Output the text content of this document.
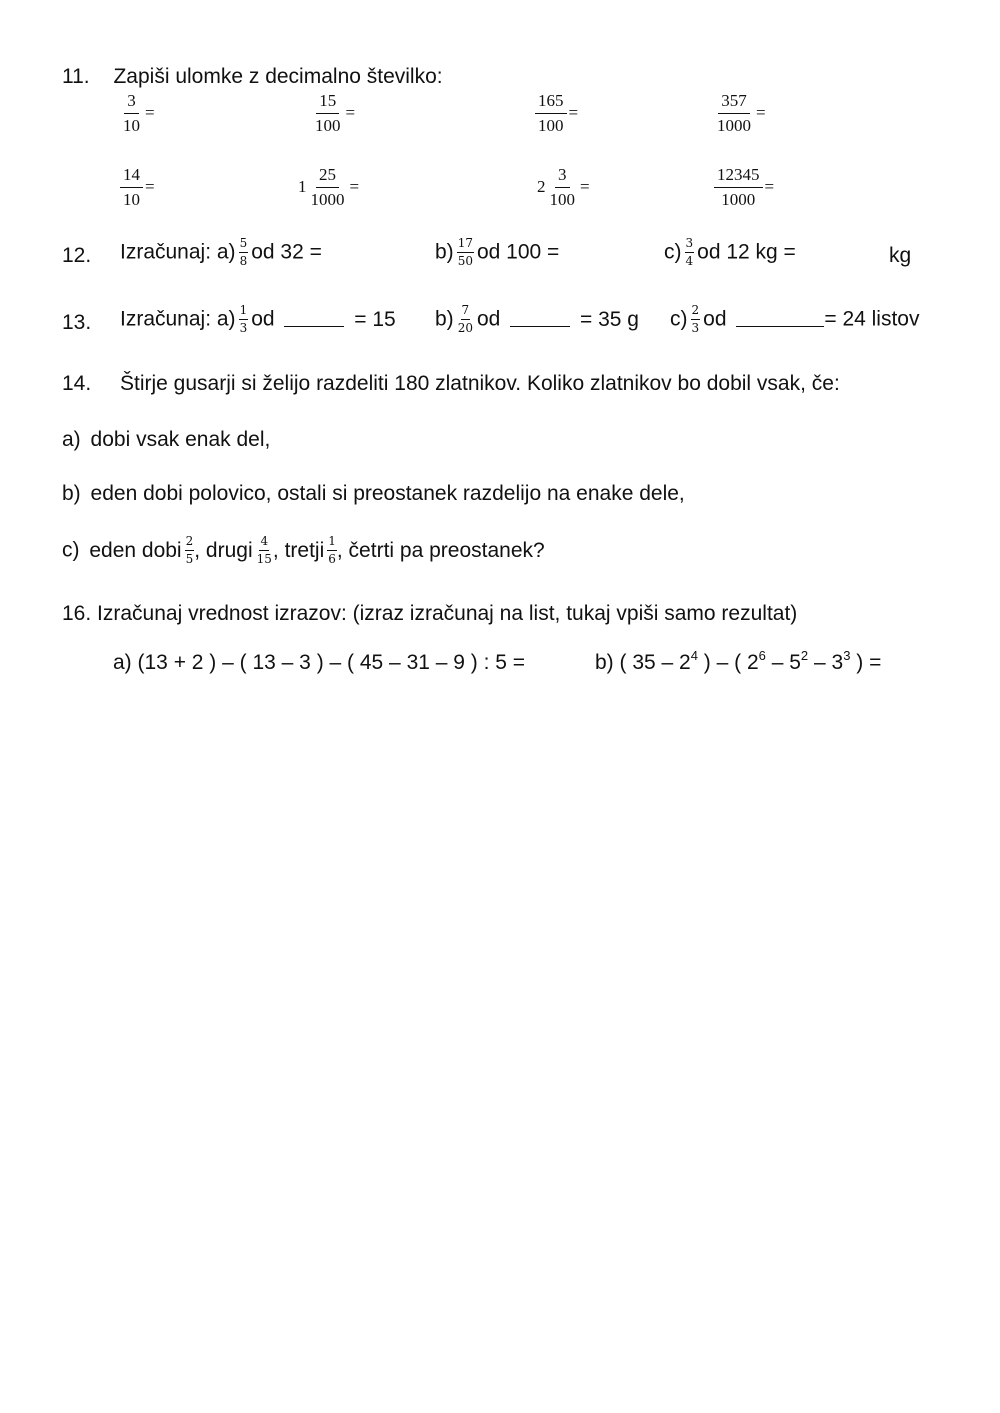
11. Zapiši ulomke z decimalno številko:
$\frac{3}{10}$ =	$\frac{15}{100}$ =	$\frac{165}{100}$ =	$\frac{357}{1000}$ =
$\frac{14}{10}$ =	$1 \frac{25}{1000}$ =	$2 \frac{3}{100}$ =	$\frac{12345}{1000}$ =
12. Izračunaj: $a) \frac{5}{8}$ od 32 =	$b) \frac{17}{50}$ od 100 =	$c) \frac{3}{4}$ od 12 kg =	kg
13. Izračunaj: $a) \frac{1}{3}$ od	= 15 $b) \frac{7}{20}$ od	= 35 g $c) \frac{2}{3}$ od	= 24 listov
14. Štirje gusarji si želijo razdeliti 180 zlatnikov. Koliko zlatnikov bo dobil vsak, če:
a) dobi vsak enak del,
b) eden dobi polovico, ostali si preostanek razdelijo na enake dele,
c) eden dobi $\frac{2}{5}$ , drugi $\frac{4}{15}$ , tretji $\frac{1}{6}$ , četrti pa preostanek?
16. Izračunaj vrednost izrazov: (izraz izračunaj na list, tukaj vpiši samo rezultat)
a) (13 + 2 ) – ( 13 – 3 ) – ( 45 – 31 – 9 ) : 5 =	b) ( $35 - 2^4$ ) – ( $2^6 - 5^2 - 3^3$ ) =
